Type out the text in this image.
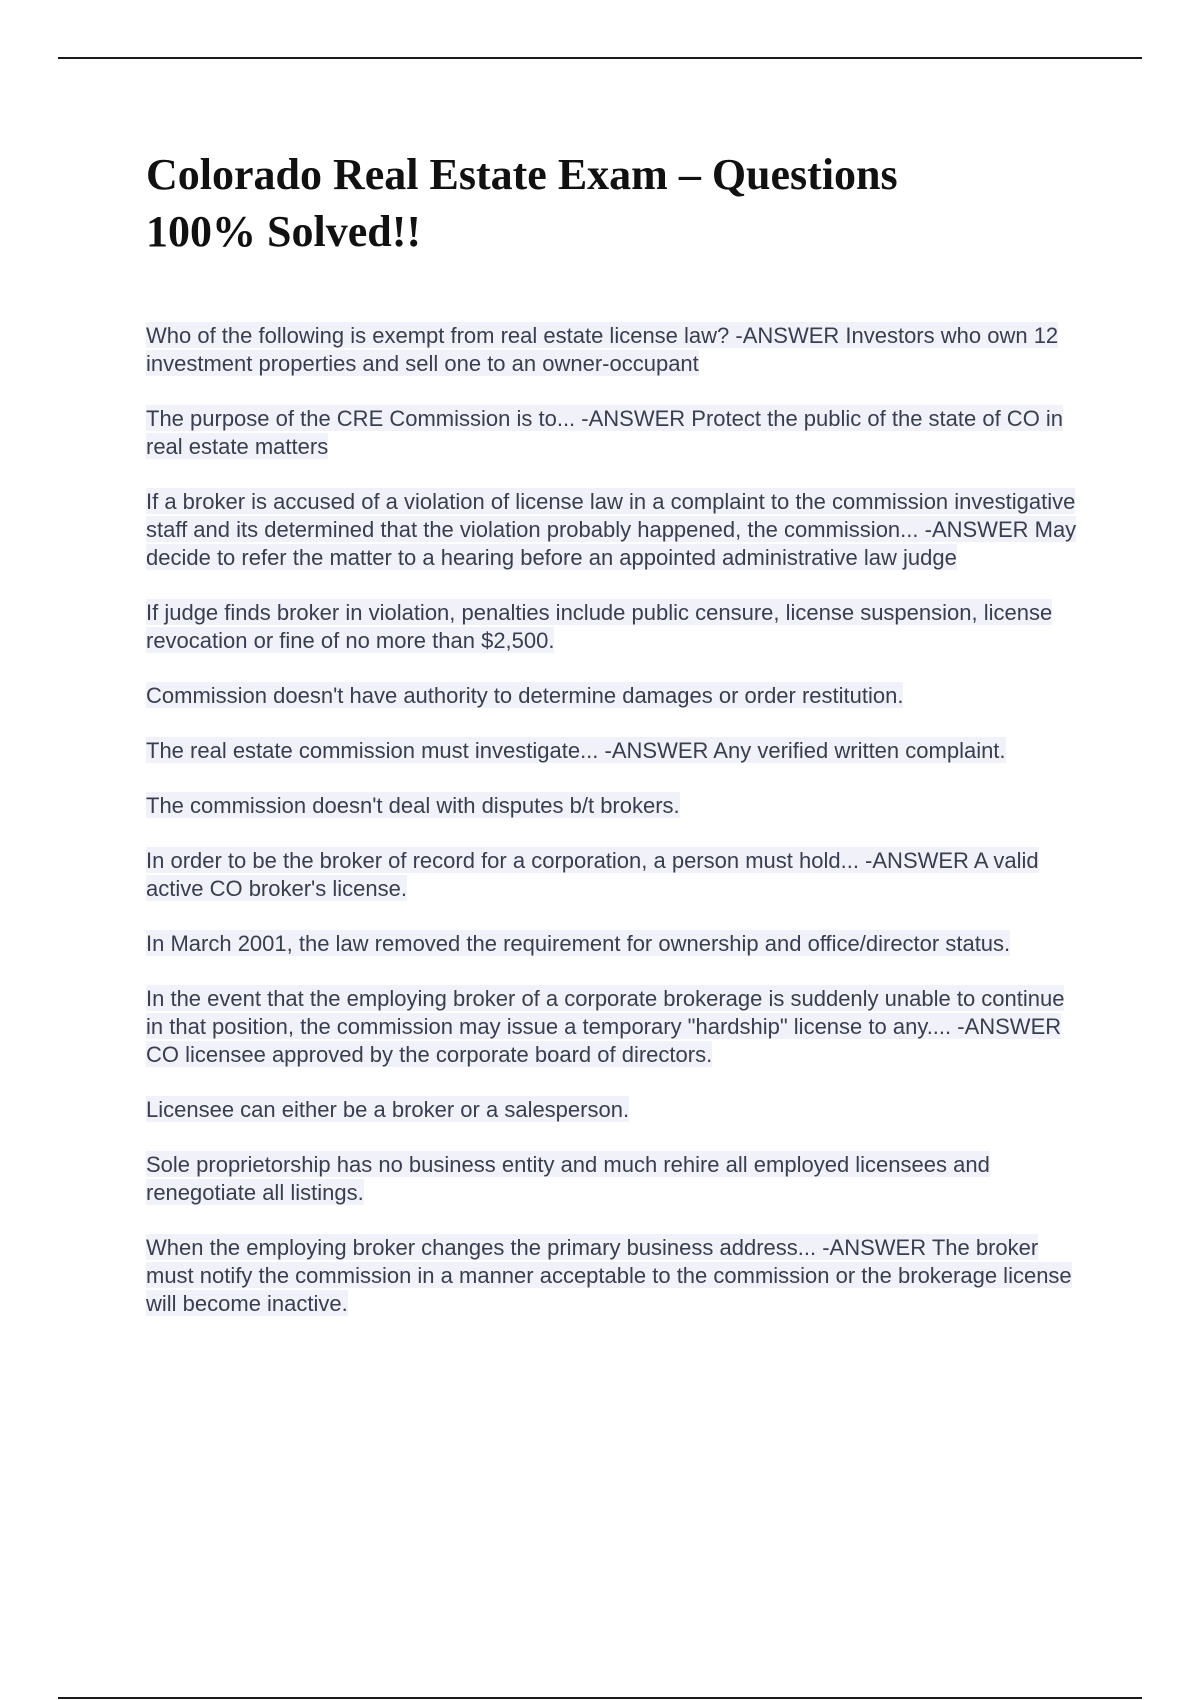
Colorado Real Estate Exam – Questions
100% Solved!!

Who of the following is exempt from real estate license law? -ANSWER Investors who own 12 investment properties and sell one to an owner-occupant

The purpose of the CRE Commission is to... -ANSWER Protect the public of the state of CO in real estate matters

If a broker is accused of a violation of license law in a complaint to the commission investigative staff and its determined that the violation probably happened, the commission... -ANSWER May decide to refer the matter to a hearing before an appointed administrative law judge

If judge finds broker in violation, penalties include public censure, license suspension, license revocation or fine of no more than $2,500.

Commission doesn't have authority to determine damages or order restitution.

The real estate commission must investigate... -ANSWER Any verified written complaint.

The commission doesn't deal with disputes b/t brokers.

In order to be the broker of record for a corporation, a person must hold... -ANSWER A valid active CO broker's license.

In March 2001, the law removed the requirement for ownership and office/director status.

In the event that the employing broker of a corporate brokerage is suddenly unable to continue in that position, the commission may issue a temporary "hardship" license to any.... -ANSWER CO licensee approved by the corporate board of directors.

Licensee can either be a broker or a salesperson.

Sole proprietorship has no business entity and much rehire all employed licensees and renegotiate all listings.

When the employing broker changes the primary business address... -ANSWER The broker must notify the commission in a manner acceptable to the commission or the brokerage license will become inactive.
